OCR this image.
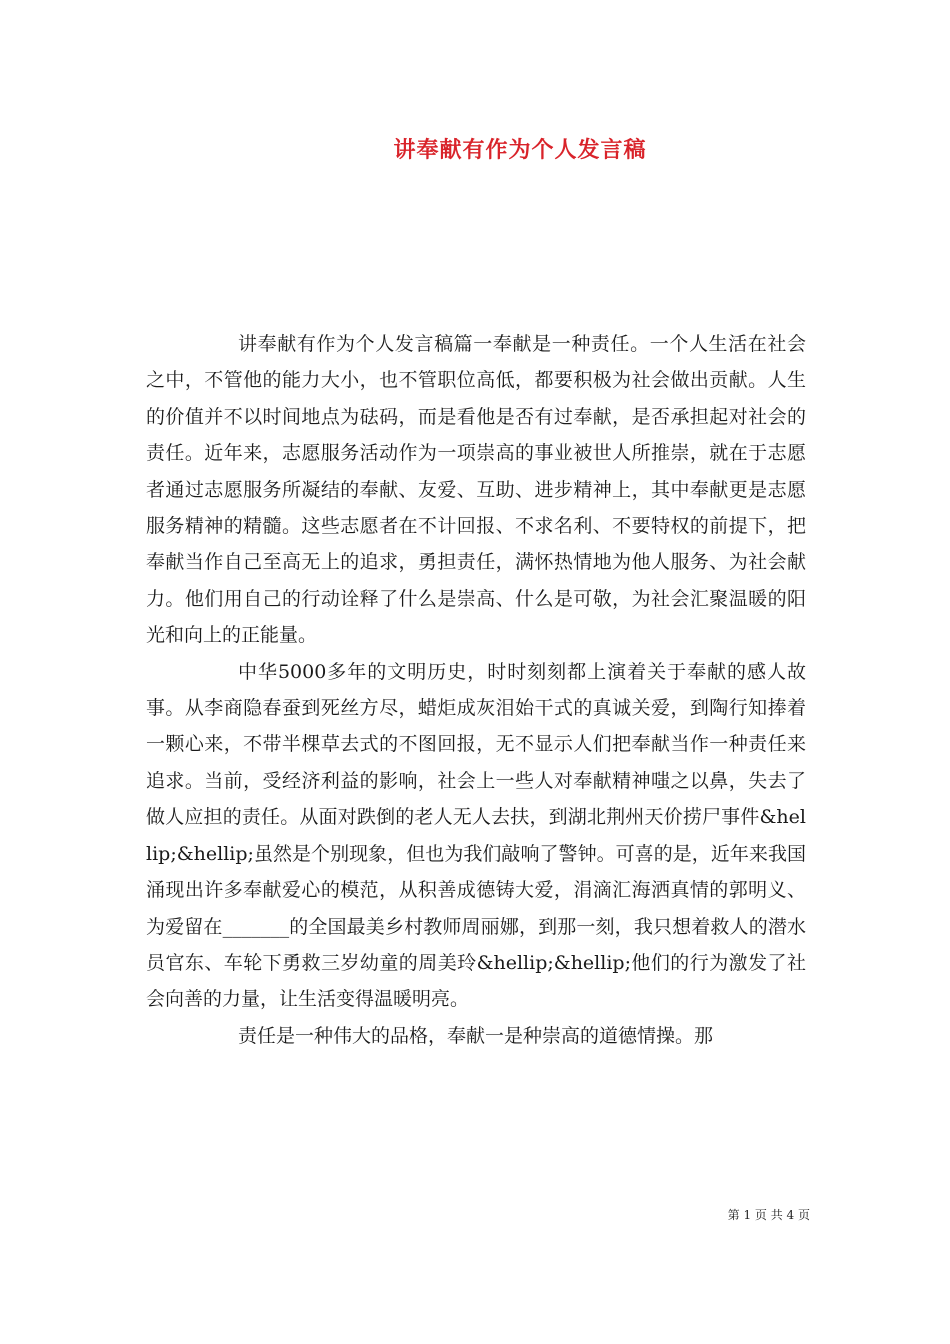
讲奉献有作为个人发言稿

讲奉献有作为个人发言稿篇一奉献是一种责任。一个人生活在社会之中，不管他的能力大小，也不管职位高低，都要积极为社会做出贡献。人生的价值并不以时间地点为砝码，而是看他是否有过奉献，是否承担起对社会的责任。近年来，志愿服务活动作为一项崇高的事业被世人所推崇，就在于志愿者通过志愿服务所凝结的奉献、友爱、互助、进步精神上，其中奉献更是志愿服务精神的精髓。这些志愿者在不计回报、不求名利、不要特权的前提下，把奉献当作自己至高无上的追求，勇担责任，满怀热情地为他人服务、为社会献力。他们用自己的行动诠释了什么是崇高、什么是可敬，为社会汇聚温暖的阳光和向上的正能量。

中华5000多年的文明历史，时时刻刻都上演着关于奉献的感人故事。从李商隐春蚕到死丝方尽，蜡炬成灰泪始干式的真诚关爱，到陶行知捧着一颗心来，不带半棵草去式的不图回报，无不显示人们把奉献当作一种责任来追求。当前，受经济利益的影响，社会上一些人对奉献精神嗤之以鼻，失去了做人应担的责任。从面对跌倒的老人无人去扶，到湖北荆州天价捞尸事件&hellip;&hellip;虽然是个别现象，但也为我们敲响了警钟。可喜的是，近年来我国涌现出许多奉献爱心的模范，从积善成德铸大爱，涓滴汇海洒真情的郭明义、为爱留在_______的全国最美乡村教师周丽娜，到那一刻，我只想着救人的潜水员官东、车轮下勇救三岁幼童的周美玲&hellip;&hellip;他们的行为激发了社会向善的力量，让生活变得温暖明亮。

责任是一种伟大的品格，奉献一是种崇高的道德情操。那

第 1 页 共 4 页
